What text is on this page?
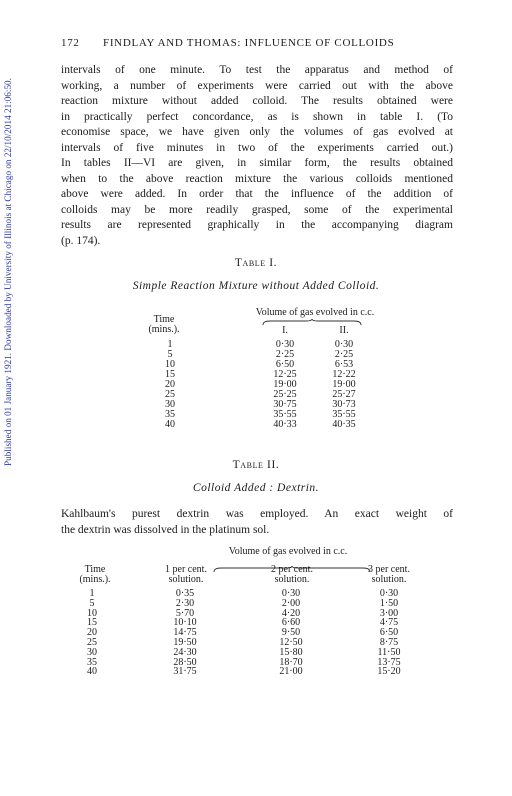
Published on 01 January 1921. Downloaded by University of Illinois at Chicago on 22/10/2014 21:06:50.
172 FINDLAY AND THOMAS: INFLUENCE OF COLLOIDS
intervals of one minute. To test the apparatus and method of
working, a number of experiments were carried out with the above
reaction mixture without added colloid. The results obtained were
in practically perfect concordance, as is shown in table I. (To
economise space, we have given only the volumes of gas evolved at
intervals of five minutes in two of the experiments carried out.)
In tables II—VI are given, in similar form, the results obtained
when to the above reaction mixture the various colloids mentioned
above were added. In order that the influence of the addition of
colloids may be more readily grasped, some of the experimental
results are represented graphically in the accompanying diagram
(p. 174).
Table I.
Simple Reaction Mixture without Added Colloid.
Volume of gas evolved in c.c.
Time
(mins.).	I.	II.
1
5
10
15
20
25
30
35
40
0·30
2·25
6·50
12·25
19·00
25·25
30·75
35·55
40·33
0·30
2·25
6·53
12·22
19·00
25·27
30·73
35·55
40·35
Table II.
Colloid Added : Dextrin.
Kahlbaum's purest dextrin was employed. An exact weight of
the dextrin was dissolved in the platinum sol.
Volume of gas evolved in c.c.
Time
(mins.).
1 per cent.
solution.
2 per cent.
solution.
3 per cent.
solution.
1
5
10
15
20
25
30
35
40
0·35
2·30
5·70
10·10
14·75
19·50
24·30
28·50
31·75
0·30
2·00
4·20
6·60
9·50
12·50
15·80
18·70
21·00
0·30
1·50
3·00
4·75
6·50
8·75
11·50
13·75
15·20
